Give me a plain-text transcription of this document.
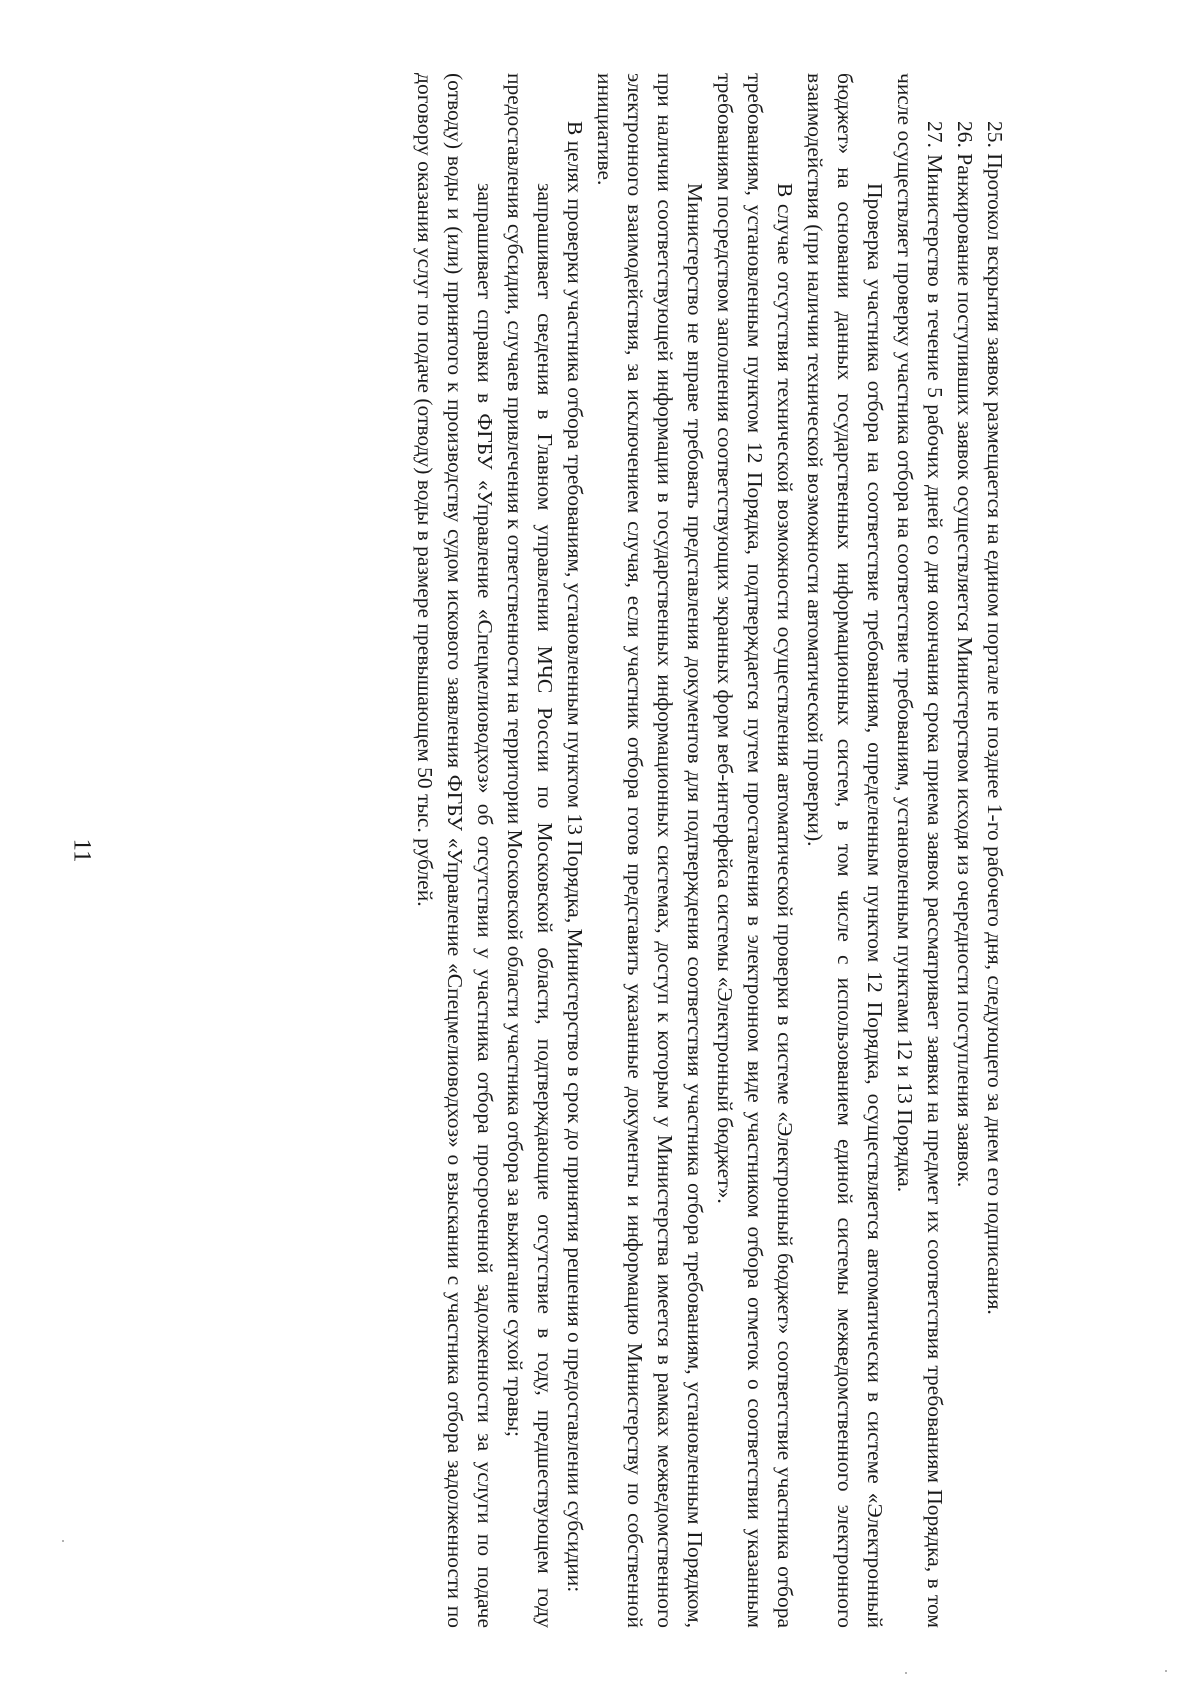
11	25. Протокол вскрытия заявок размещается на едином портале не позднее 1-го рабочего дня, следующего за днем его подписания.

26. Ранжирование поступивших заявок осуществляется Министерством исходя из очередности поступления заявок.

27. Министерство в течение 5 рабочих дней со дня окончания срока приема заявок рассматривает заявки на предмет их соответствия требованиям Порядка, в том числе осуществляет проверку участника отбора на соответствие требованиям, установленным пунктами 12 и 13 Порядка.

Проверка участника отбора на соответствие требованиям, определенным пунктом 12 Порядка, осуществляется автоматически в системе «Электронный бюджет» на основании данных государственных информационных систем, в том числе с использованием единой системы межведомственного электронного взаимодействия (при наличии технической возможности автоматической проверки).

В случае отсутствия технической возможности осуществления автоматической проверки в системе «Электронный бюджет» соответствие участника отбора требованиям, установленным пунктом 12 Порядка, подтверждается путем проставления в электронном виде участником отбора отметок о соответствии указанным требованиям посредством заполнения соответствующих экранных форм веб-интерфейса системы «Электронный бюджет».

Министерство не вправе требовать представления документов для подтверждения соответствия участника отбора требованиям, установленным Порядком, при наличии соответствующей информации в государственных информационных системах, доступ к которым у Министерства имеется в рамках межведомственного электронного взаимодействия, за исключением случая, если участник отбора готов представить указанные документы и информацию Министерству по собственной инициативе.

В целях проверки участника отбора требованиям, установленным пунктом 13 Порядка, Министерство в срок до принятия решения о предоставлении субсидии:

запрашивает сведения в Главном управлении МЧС России по Московской области, подтверждающие отсутствие в году, предшествующем году предоставления субсидии, случаев привлечения к ответственности на территории Московской области участника отбора за выжигание сухой травы;

запрашивает справки в ФГБУ «Управление «Спецмелиоводхоз» об отсутствии у участника отбора просроченной задолженности за услуги по подаче (отводу) воды и (или) принятого к производству судом искового заявления ФГБУ «Управление «Спецмелиоводхоз» о взыскании с участника отбора задолженности по договору оказания услуг по подаче (отводу) воды в размере превышающем 50 тыс. рублей.
